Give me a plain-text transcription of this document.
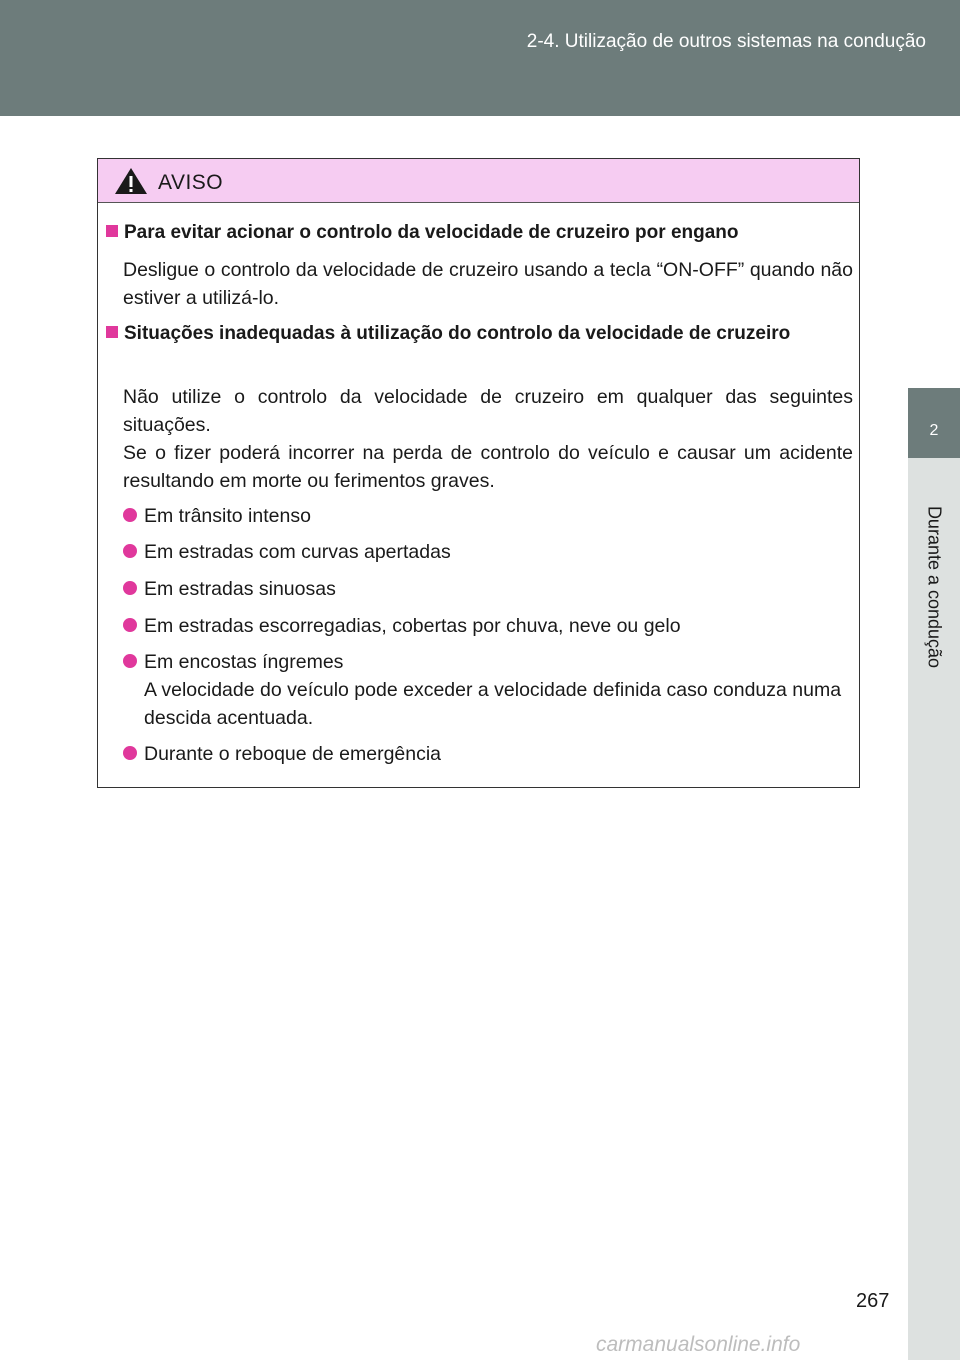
2-4. Utilização de outros sistemas na condução
2
Durante a condução
AVISO
Para evitar acionar o controlo da velocidade de cruzeiro por engano
Desligue o controlo da velocidade de cruzeiro usando a tecla “ON-OFF” quando não estiver a utilizá-lo.
Situações inadequadas à utilização do controlo da velocidade de cruzeiro
Não utilize o controlo da velocidade de cruzeiro em qualquer das seguintes situações.
Se o fizer poderá incorrer na perda de controlo do veículo e causar um acidente resultando em morte ou ferimentos graves.
Em trânsito intenso
Em estradas com curvas apertadas
Em estradas sinuosas
Em estradas escorregadias, cobertas por chuva, neve ou gelo
Em encostas íngremes
A velocidade do veículo pode exceder a velocidade definida caso conduza numa descida acentuada.
Durante o reboque de emergência
267
carmanualsonline.info
